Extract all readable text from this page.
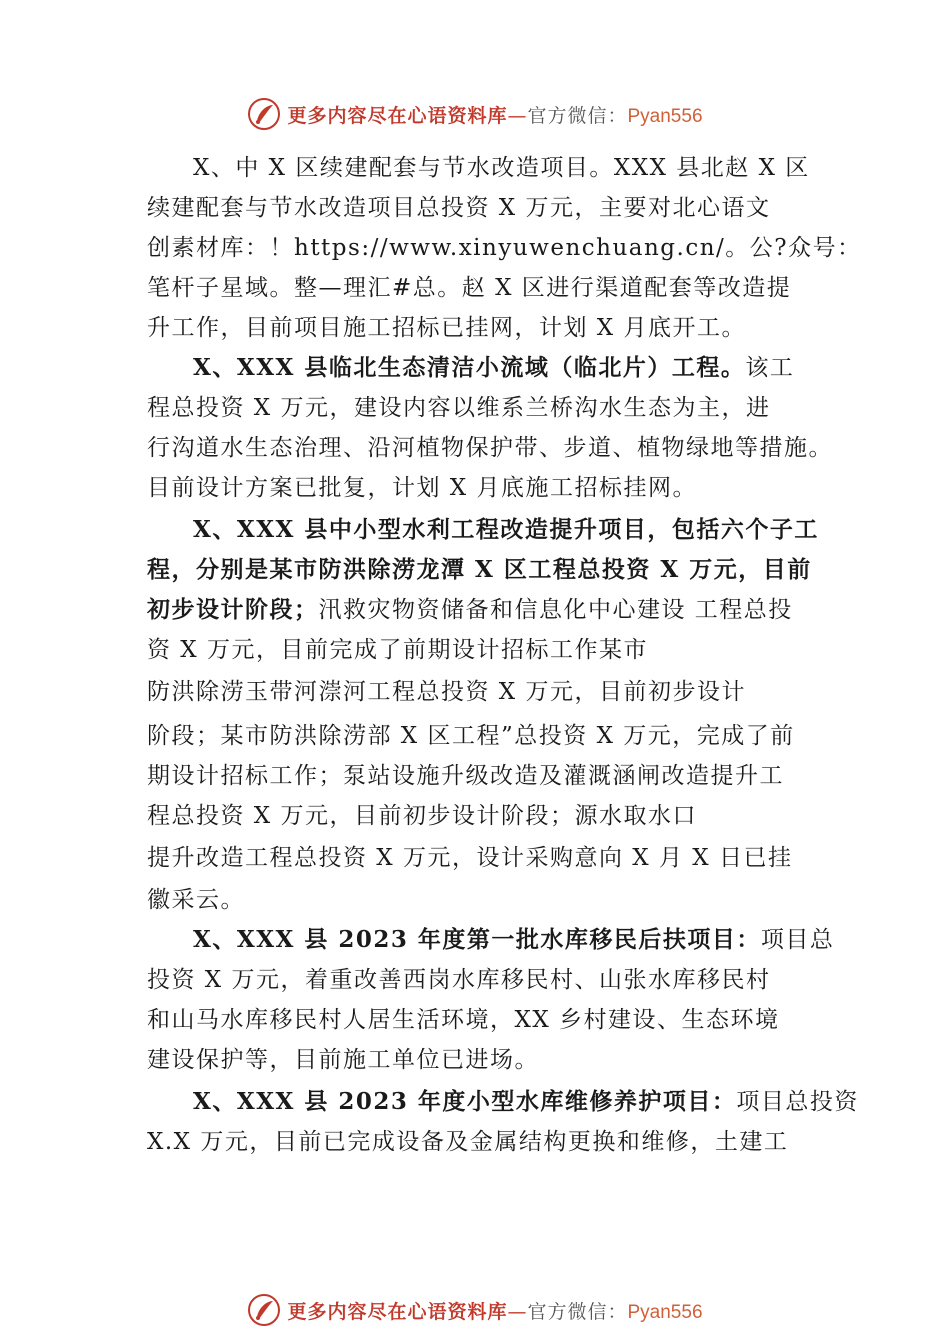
更多内容尽在心语资料库—官方微信：Pyan556
X、中 X 区续建配套与节水改造项目。XXX 县北赵 X 区
续建配套与节水改造项目总投资 X 万元，主要对北心语文
创素材库：！https://www.xinyuwenchuang.cn/。公?众号：
笔杆子星域。整—理汇#总。赵 X 区进行渠道配套等改造提
升工作，目前项目施工招标已挂网，计划 X 月底开工。
X、XXX 县临北生态清洁小流域（临北片）工程。该工
程总投资 X 万元，建设内容以维系兰桥沟水生态为主，进
行沟道水生态治理、沿河植物保护带、步道、植物绿地等措施。
目前设计方案已批复，计划 X 月底施工招标挂网。
X、XXX 县中小型水利工程改造提升项目，包括六个子工
程，分别是某市防洪除涝龙潭 X 区工程总投资 X 万元，目前
初步设计阶段；汛救灾物资储备和信息化中心建设 工程总投
资 X 万元，目前完成了前期设计招标工作某市
防洪除涝玉带河漴河工程总投资 X 万元，目前初步设计
阶段；某市防洪除涝部 X 区工程”总投资 X 万元，完成了前
期设计招标工作；泵站设施升级改造及灌溉涵闸改造提升工
程总投资 X 万元，目前初步设计阶段；源水取水口
提升改造工程总投资 X 万元，设计采购意向 X 月 X 日已挂
徽采云。
X、XXX 县 2023 年度第一批水库移民后扶项目：项目总
投资 X 万元，着重改善西岗水库移民村、山张水库移民村
和山马水库移民村人居生活环境，XX 乡村建设、生态环境
建设保护等，目前施工单位已进场。
X、XXX 县 2023 年度小型水库维修养护项目：项目总投资
X.X 万元，目前已完成设备及金属结构更换和维修，土建工
更多内容尽在心语资料库—官方微信：Pyan556
